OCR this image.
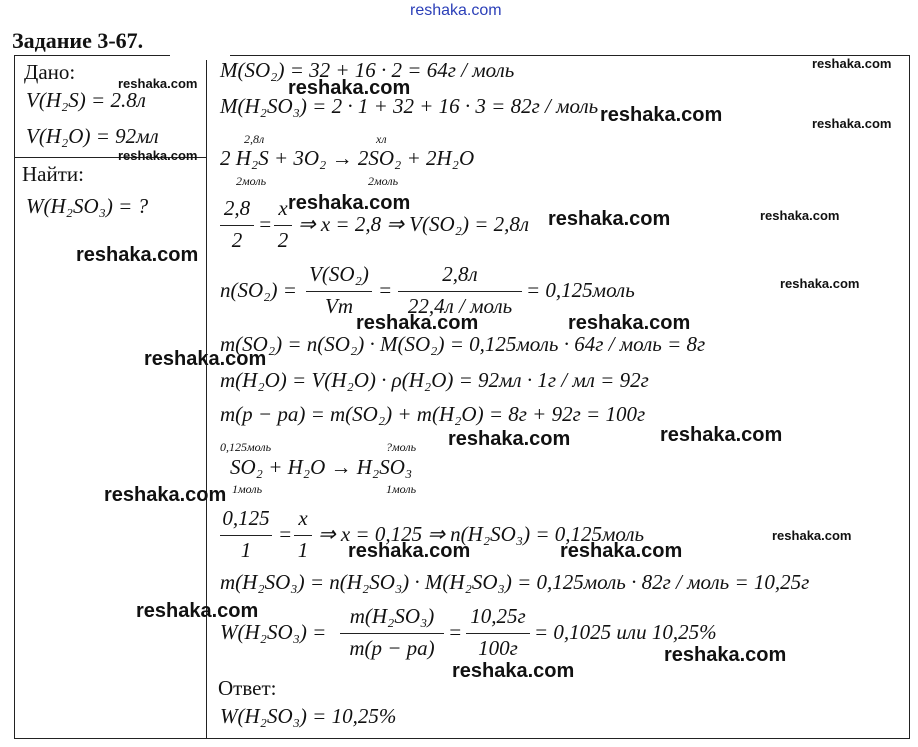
reshaka.com
Задание 3-67.
Дано:
V(H₂S) = 2.8л
V(H₂O) = 92мл
Найти:
W(H₂SO₃) = ?
M(SO₂) = 32 + 16 · 2 = 64г / моль
M(H₂SO₃) = 2 · 1 + 32 + 16 · 3 = 82г / моль
2,8л	хл
2 H₂S + 3O₂ → 2SO₂ + 2H₂O
2моль	2моль
2,8
2
=
x
2
⇒ x = 2,8 ⇒ V(SO₂) = 2,8л
n(SO₂) =
V(SO₂)
Vm
=
2,8л
22,4л / моль
= 0,125моль
m(SO₂) = n(SO₂) · M(SO₂) = 0,125моль · 64г / моль = 8г
m(H₂O) = V(H₂O) · ρ(H₂O) = 92мл · 1г / мл = 92г
m(р − ра) = m(SO₂) + m(H₂O) = 8г + 92г = 100г
0,125моль	?моль
SO₂ + H₂O → H₂SO₃
1моль	1моль
0,125
1
=
x
1
⇒ x = 0,125 ⇒ n(H₂SO₃) = 0,125моль
m(H₂SO₃) = n(H₂SO₃) · M(H₂SO₃) = 0,125моль · 82г / моль = 10,25г
W(H₂SO₃) =
m(H₂SO₃)
m(р − ра)
=
10,25г
100г
= 0,1025 или 10,25%
Ответ:
W(H₂SO₃) = 10,25%
reshaka.com
reshaka.com
reshaka.com
reshaka.com
reshaka.com	reshaka.com
reshaka.com
reshaka.com	reshaka.com
reshaka.com
reshaka.com
reshaka.com	reshaka.com
reshaka.com
reshaka.com	reshaka.com
reshaka.com
reshaka.com
reshaka.com	reshaka.com
reshaka.com
reshaka.com
reshaka.com
